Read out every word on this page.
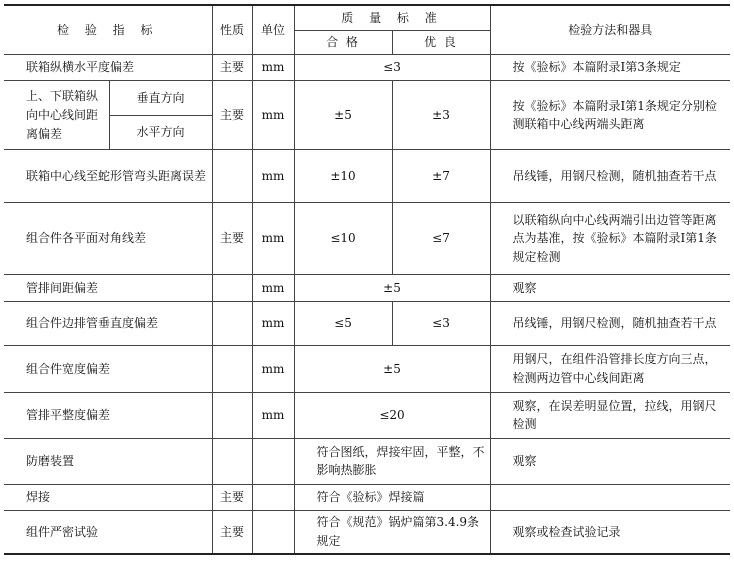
检 验 指 标		性质	单位	质 量 标 准		检验方法和器具
				合 格	优 良	
联箱纵横水平度偏差		主要	mm	≤3		按《验标》本篇附录Ⅰ第3条规定
上、下联箱纵向中心线间距离偏差	垂直方向	主要	mm	±5	±3	按《验标》本篇附录Ⅰ第1条规定分别检测联箱中心线两端头距离
	水平方向					
联箱中心线至蛇形管弯头距离误差			mm	±10	±7	吊线锤，用钢尺检测，随机抽查若干点
组合件各平面对角线差		主要	mm	≤10	≤7	以联箱纵向中心线两端引出边管等距离点为基准，按《验标》本篇附录Ⅰ第1条规定检测
管排间距偏差			mm	±5		观察
组合件边排管垂直度偏差			mm	≤5	≤3	吊线锤，用钢尺检测，随机抽查若干点
组合件宽度偏差			mm	±5		用钢尺，在组件沿管排长度方向三点，检测两边管中心线间距离
管排平整度偏差			mm	≤20		观察，在误差明显位置，拉线，用钢尺检测
防磨装置				符合图纸，焊接牢固，平整，不影响热膨胀		观察
焊接		主要		符合《验标》焊接篇		
组件严密试验		主要		符合《规范》锅炉篇第3.4.9条规定		观察或检查试验记录
